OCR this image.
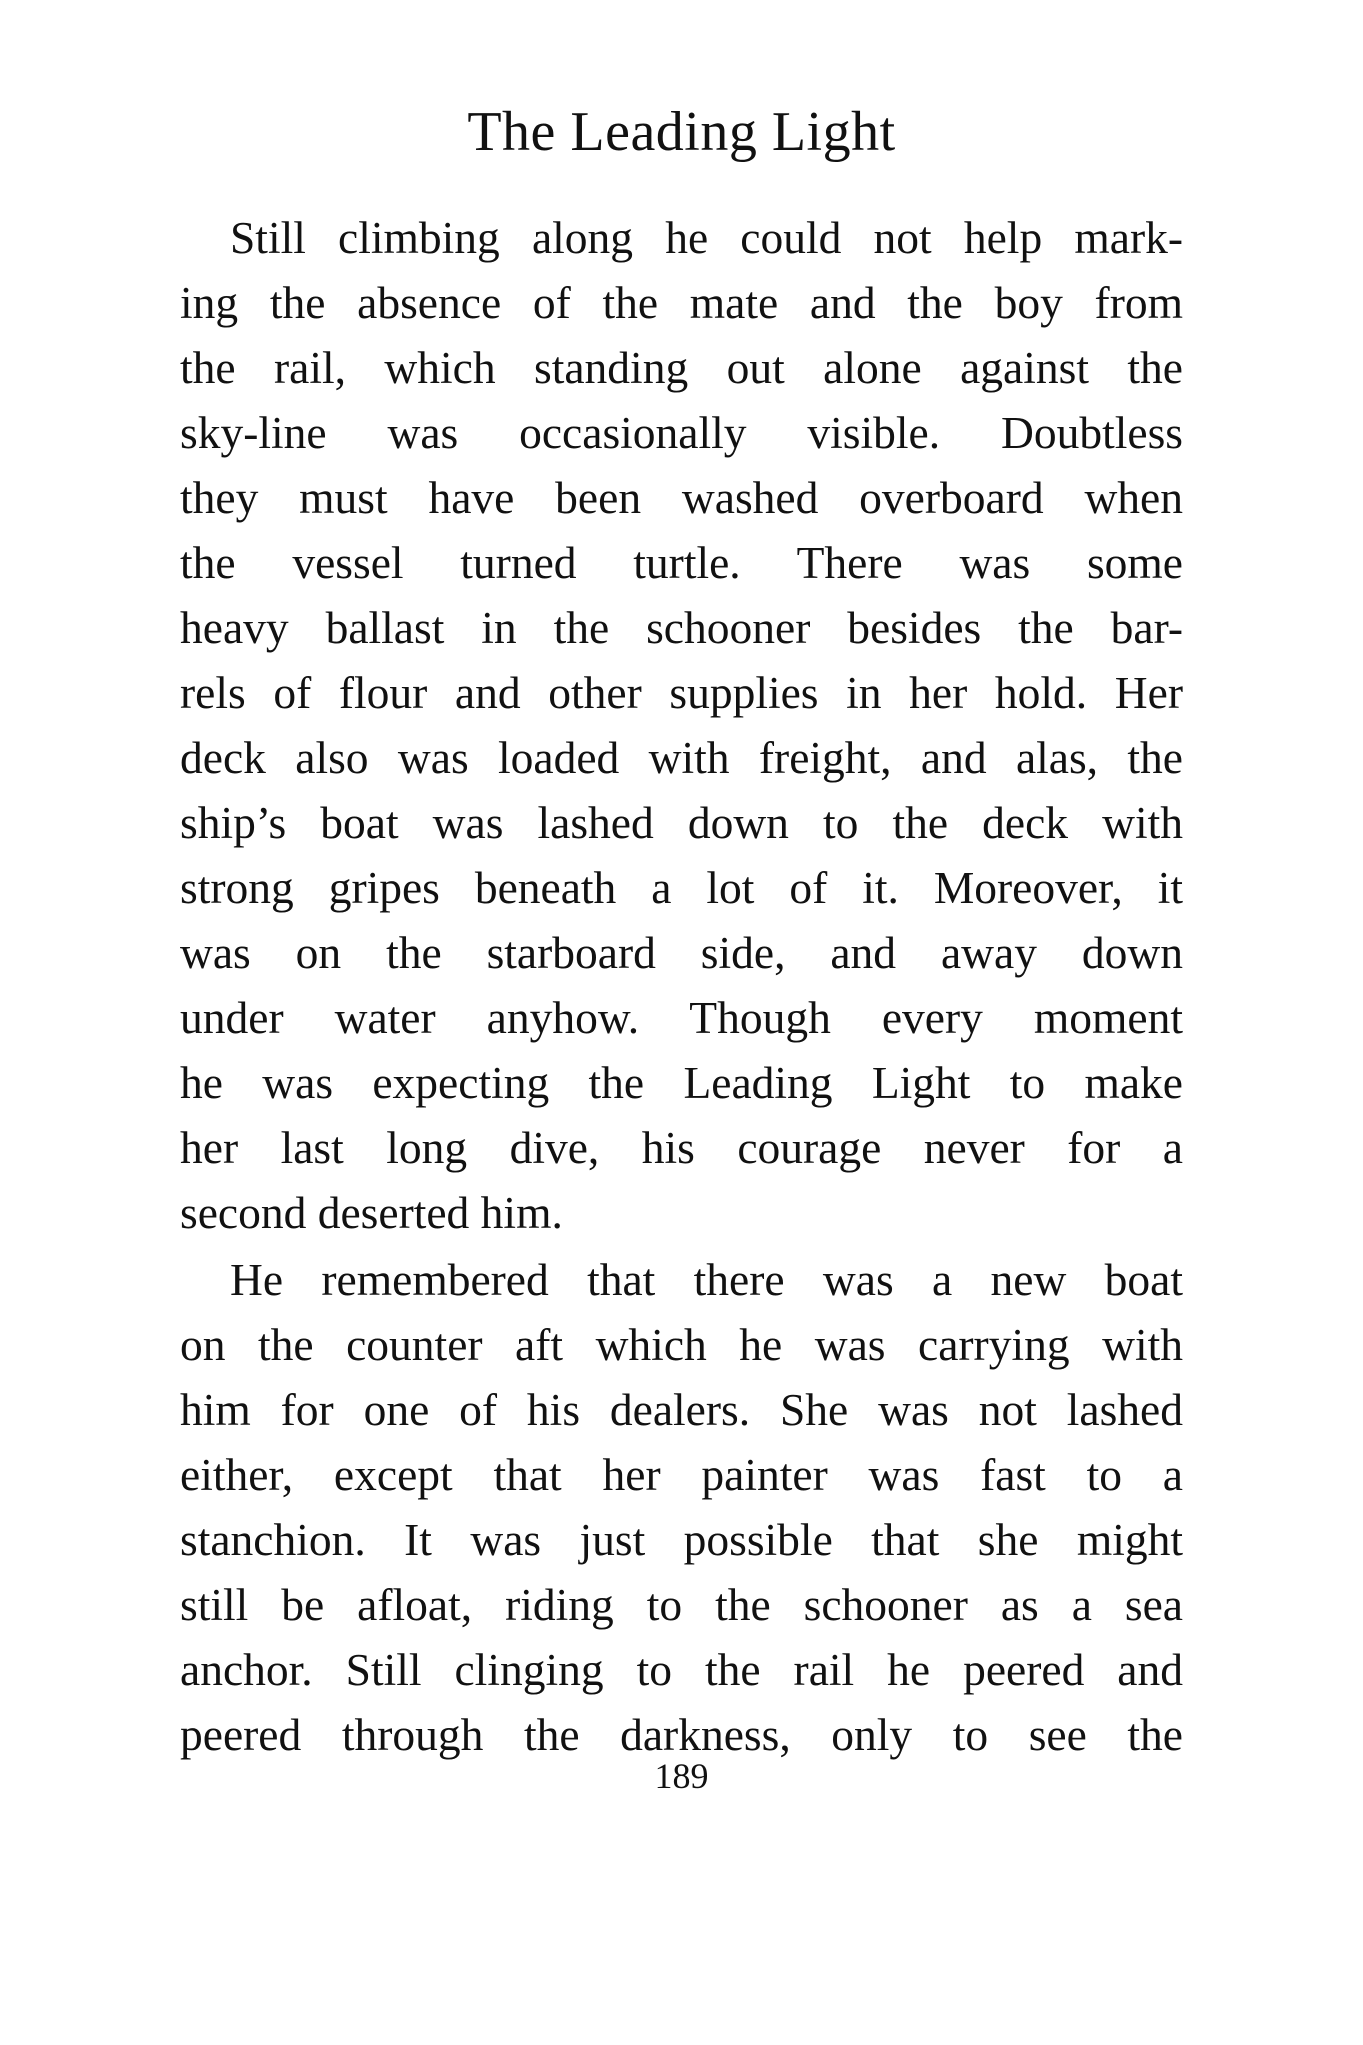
The Leading Light
Still climbing along he could not help mark-
ing the absence of the mate and the boy from
the rail, which standing out alone against the
sky-line was occasionally visible. Doubtless
they must have been washed overboard when
the vessel turned turtle. There was some
heavy ballast in the schooner besides the bar-
rels of flour and other supplies in her hold. Her
deck also was loaded with freight, and alas, the
ship’s boat was lashed down to the deck with
strong gripes beneath a lot of it. Moreover, it
was on the starboard side, and away down
under water anyhow. Though every moment
he was expecting the Leading Light to make
her last long dive, his courage never for a
second deserted him.
He remembered that there was a new boat
on the counter aft which he was carrying with
him for one of his dealers. She was not lashed
either, except that her painter was fast to a
stanchion. It was just possible that she might
still be afloat, riding to the schooner as a sea
anchor. Still clinging to the rail he peered and
peered through the darkness, only to see the
189
